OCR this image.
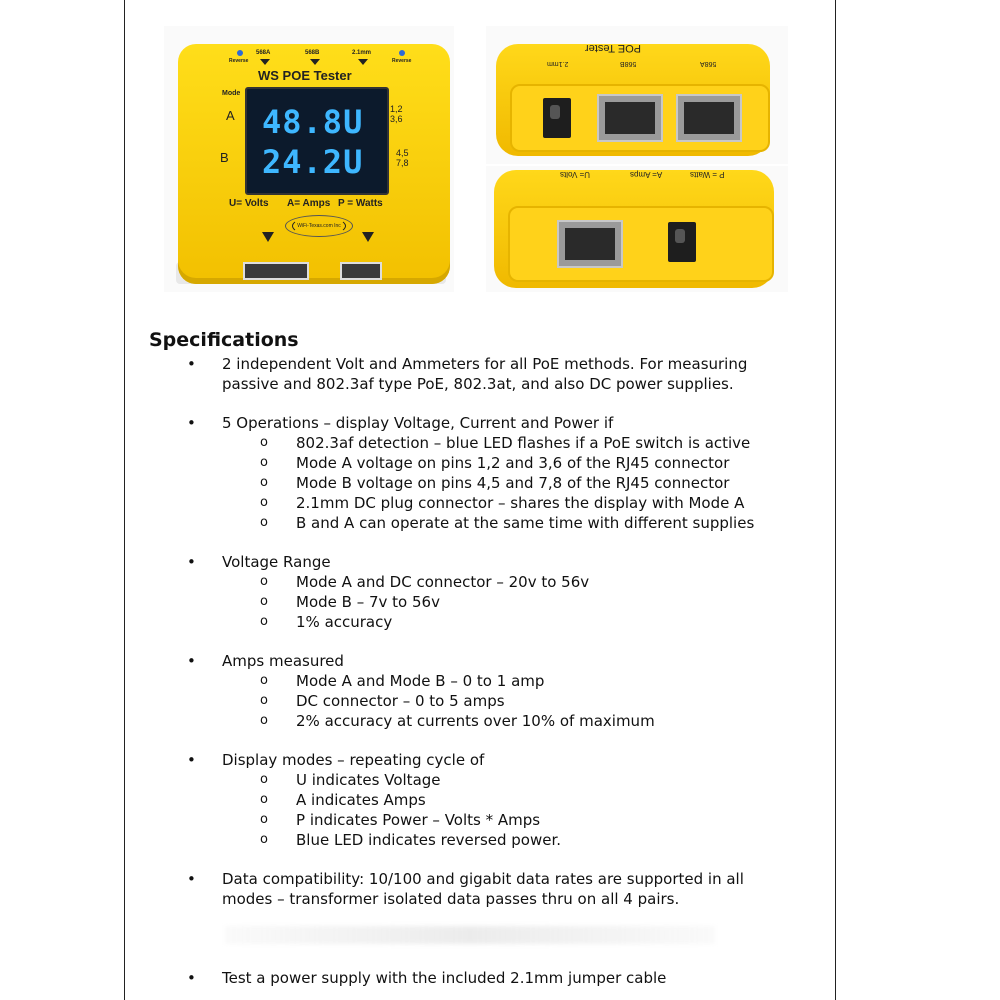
Reverse	Reverse
568A	568B	2.1mm
WS POE Tester
Mode
A
B
48.8U
24.2U
1,2
3,6
4,5
7,8
U= Volts A= Amps P = Watts
WiFi-Texas.com Inc
POE Tester
2.1mm	568B	568A
U= Volts	A= Amps	P = Watts
Specifications
• 2 independent Volt and Ammeters for all PoE methods. For measuring
passive and 802.3af type PoE, 802.3at, and also DC power supplies.
• 5 Operations – display Voltage, Current and Power if
o 802.3af detection – blue LED flashes if a PoE switch is active
o Mode A voltage on pins 1,2 and 3,6 of the RJ45 connector
o Mode B voltage on pins 4,5 and 7,8 of the RJ45 connector
o 2.1mm DC plug connector – shares the display with Mode A
o B and A can operate at the same time with different supplies
• Voltage Range
o Mode A and DC connector – 20v to 56v
o Mode B – 7v to 56v
o 1% accuracy
• Amps measured
o Mode A and Mode B – 0 to 1 amp
o DC connector – 0 to 5 amps
o 2% accuracy at currents over 10% of maximum
• Display modes – repeating cycle of
o U indicates Voltage
o A indicates Amps
o P indicates Power – Volts * Amps
o Blue LED indicates reversed power.
• Data compatibility: 10/100 and gigabit data rates are supported in all
modes – transformer isolated data passes thru on all 4 pairs.
• Test a power supply with the included 2.1mm jumper cable
